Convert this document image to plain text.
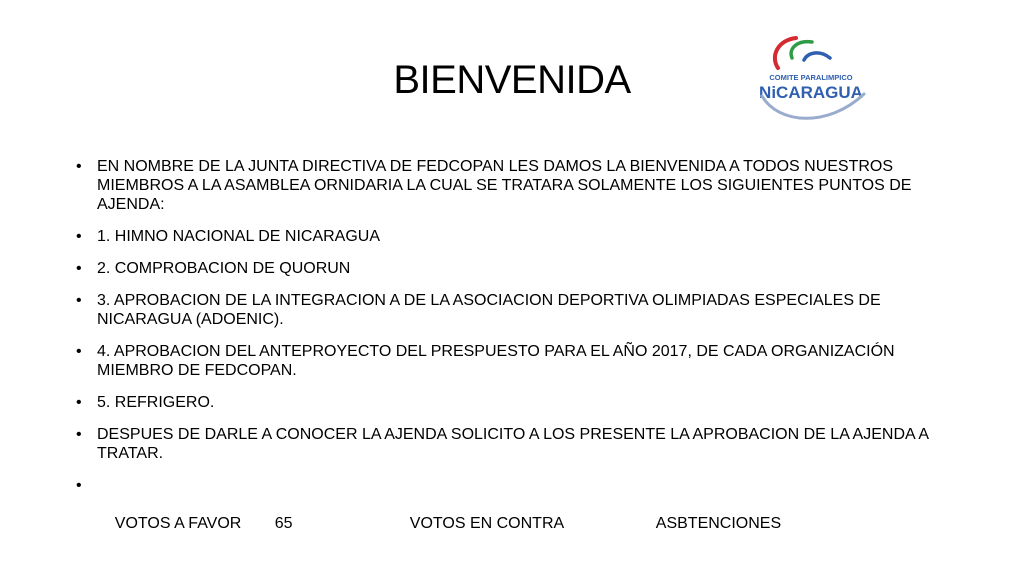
BIENVENIDA	COMITE PARALIMPICO
NiCARAGUA
• EN NOMBRE DE LA JUNTA DIRECTIVA DE FEDCOPAN LES DAMOS LA BIENVENIDA A TODOS NUESTROS MIEMBROS A LA ASAMBLEA ORNIDARIA LA CUAL SE TRATARA SOLAMENTE LOS SIGUIENTES PUNTOS DE AJENDA:
• 1. HIMNO NACIONAL DE NICARAGUA
• 2. COMPROBACION DE QUORUN
• 3. APROBACION DE LA INTEGRACION A DE LA ASOCIACION DEPORTIVA OLIMPIADAS ESPECIALES DE NICARAGUA (ADOENIC).
• 4. APROBACION DEL ANTEPROYECTO DEL PRESPUESTO PARA EL AÑO 2017, DE CADA ORGANIZACIÓN MIEMBRO DE FEDCOPAN.
• 5. REFRIGERO.
• DESPUES DE DARLE A CONOCER LA AJENDA SOLICITO A LOS PRESENTE LA APROBACION DE LA AJENDA A TRATAR.

•

VOTOS A FAVOR 65	VOTOS EN CONTRA	ASBTENCIONES
